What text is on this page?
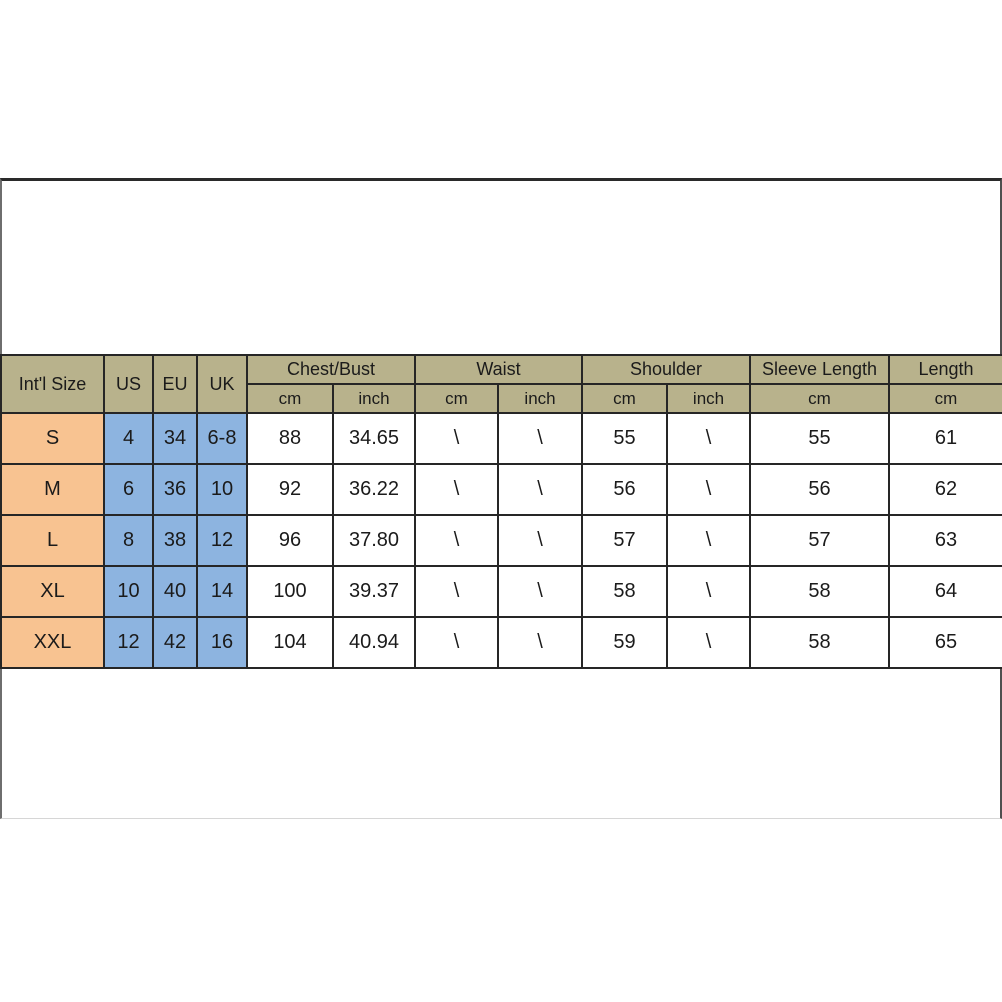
Int'l Size	US	EU	UK	Chest/Bust		Waist		Shoulder		Sleeve Length	Length
				cm	inch	cm	inch	cm	inch	cm	cm
S	4	34	6-8	88	34.65	\	\	55	\	55	61
M	6	36	10	92	36.22	\	\	56	\	56	62
L	8	38	12	96	37.80	\	\	57	\	57	63
XL	10	40	14	100	39.37	\	\	58	\	58	64
XXL	12	42	16	104	40.94	\	\	59	\	58	65
